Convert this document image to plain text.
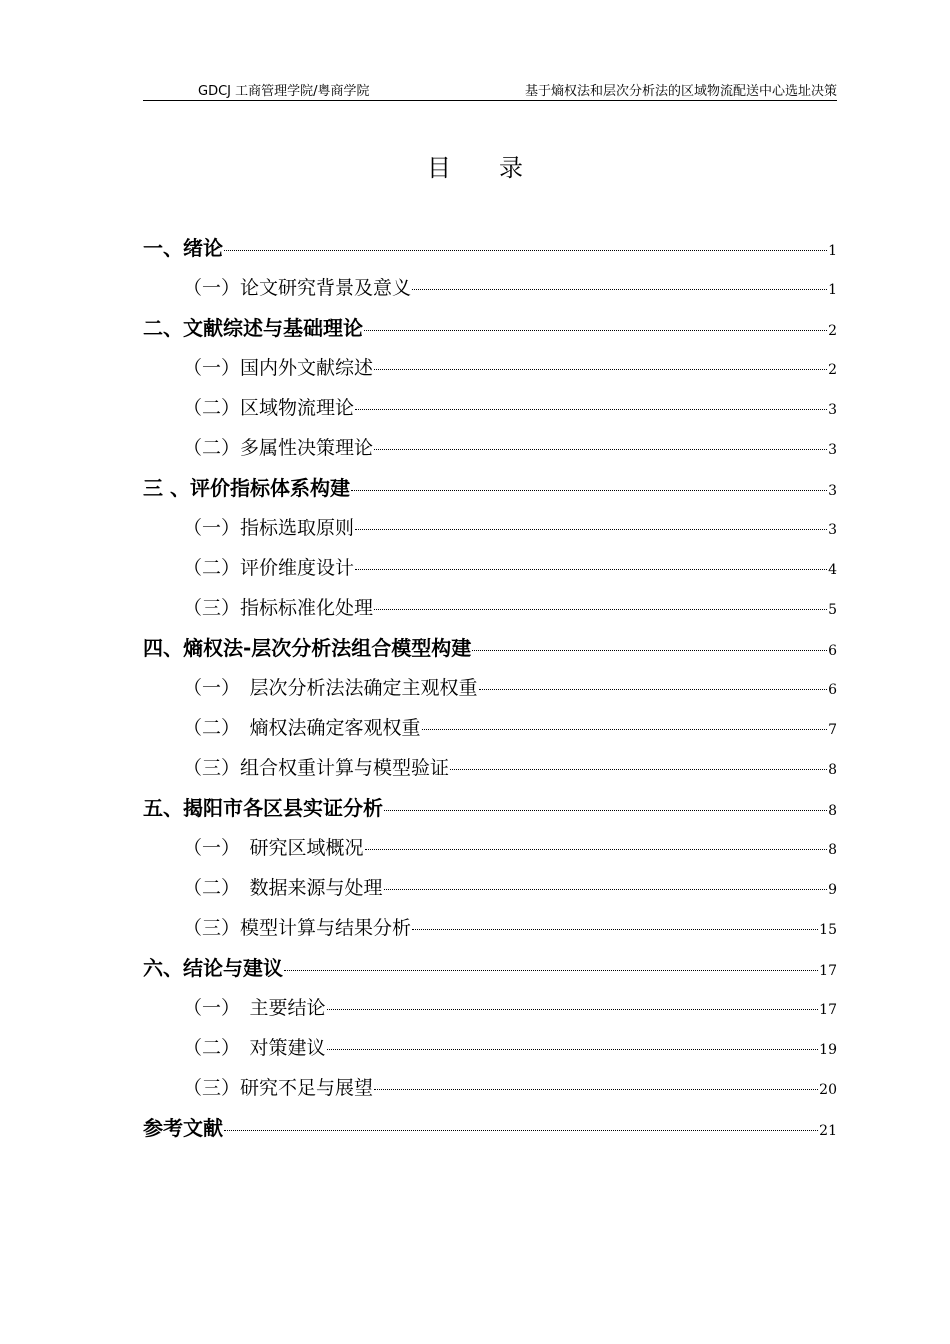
GDCJ 工商管理学院/粤商学院	基于熵权法和层次分析法的区域物流配送中心选址决策
目录
一、绪论	1
（一）论文研究背景及意义	1
二、文献综述与基础理论	2
（一）国内外文献综述	2
（二）区域物流理论	3
（二）多属性决策理论	3
三 、评价指标体系构建	3
（一）指标选取原则	3
（二）评价维度设计	4
（三）指标标准化处理	5
四、熵权法-层次分析法组合模型构建	6
（一）　层次分析法法确定主观权重	6
（二）　熵权法确定客观权重	7
（三）组合权重计算与模型验证	8
五、揭阳市各区县实证分析	8
（一）　研究区域概况	8
（二）　数据来源与处理	9
（三）模型计算与结果分析	15
六、结论与建议	17
（一）　主要结论	17
（二）　对策建议	19
（三）研究不足与展望	20
参考文献	21
